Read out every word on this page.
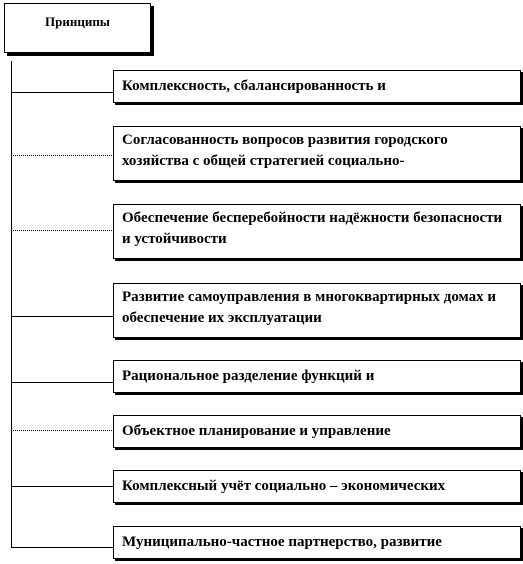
Принципы
Комплексность, сбалансированность и
Согласованность вопросов развития городского хозяйства с общей стратегией социально-
Обеспечение бесперебойности надёжности безопасности и устойчивости
Развитие самоуправления в многоквартирных домах и обеспечение их эксплуатации
Рациональное разделение функций и
Объектное планирование и управление
Комплексный учёт социально – экономических
Муниципально-частное партнерство, развитие
